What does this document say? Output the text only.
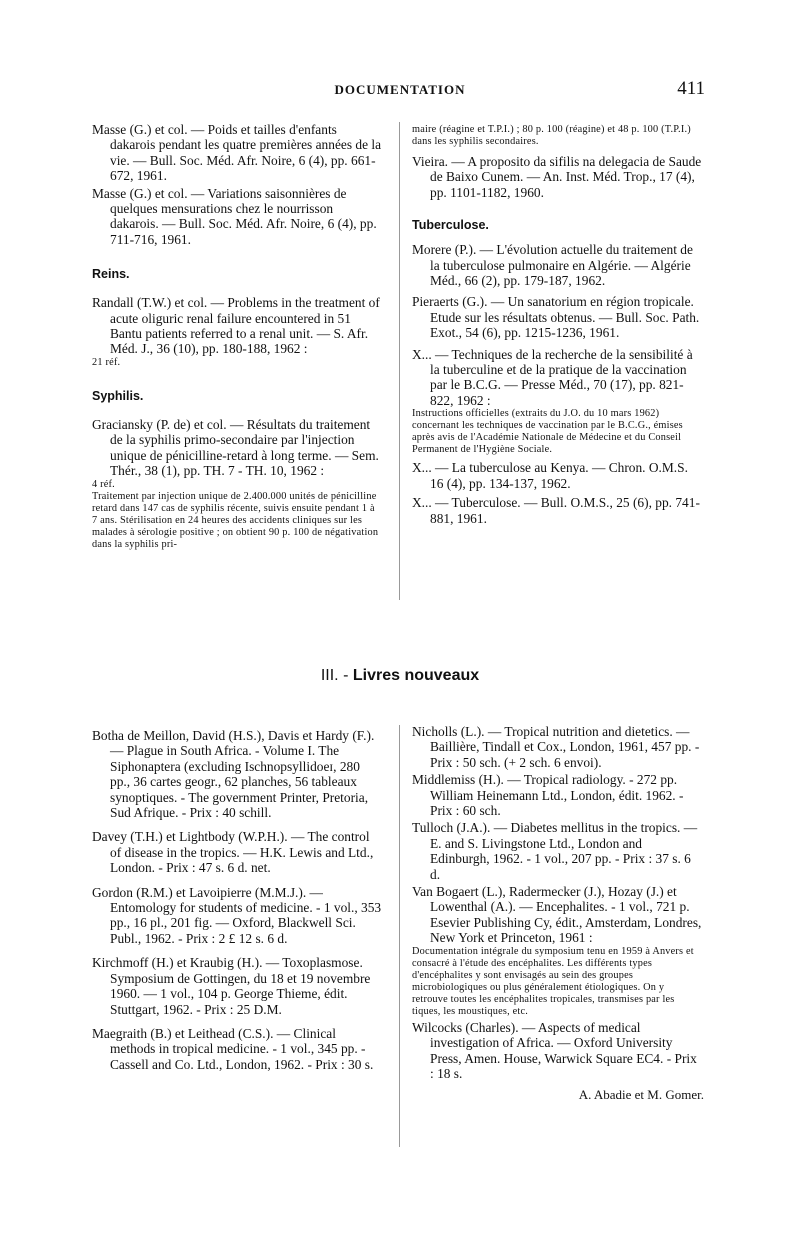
DOCUMENTATION	411

Masse (G.) et col. — Poids et tailles d'enfants dakarois pendant les quatre premières années de la vie. — Bull. Soc. Méd. Afr. Noire, 6 (4), pp. 661-672, 1961.

Masse (G.) et col. — Variations saisonnières de quelques mensurations chez le nourrisson dakarois. — Bull. Soc. Méd. Afr. Noire, 6 (4), pp. 711-716, 1961.

Reins.

Randall (T.W.) et col. — Problems in the treatment of acute oliguric renal failure encountered in 51 Bantu patients referred to a renal unit. — S. Afr. Méd. J., 36 (10), pp. 180-188, 1962 :

21 réf.

Syphilis.

Graciansky (P. de) et col. — Résultats du traitement de la syphilis primo-secondaire par l'injection unique de pénicilline-retard à long terme. — Sem. Thér., 38 (1), pp. TH. 7 - TH. 10, 1962 :

4 réf.

Traitement par injection unique de 2.400.000 unités de pénicilline retard dans 147 cas de syphilis récente, suivis ensuite pendant 1 à 7 ans. Stérilisation en 24 heures des accidents cliniques sur les malades à sérologie positive ; on obtient 90 p. 100 de négativation dans la syphilis pri-

maire (réagine et T.P.I.) ; 80 p. 100 (réagine) et 48 p. 100 (T.P.I.) dans les syphilis secondaires.

Vieira. — A proposito da sifilis na delegacia de Saude de Baixo Cunem. — An. Inst. Méd. Trop., 17 (4), pp. 1101-1182, 1960.

Tuberculose.

Morere (P.). — L'évolution actuelle du traitement de la tuberculose pulmonaire en Algérie. — Algérie Méd., 66 (2), pp. 179-187, 1962.

Pieraerts (G.). — Un sanatorium en région tropicale. Etude sur les résultats obtenus. — Bull. Soc. Path. Exot., 54 (6), pp. 1215-1236, 1961.

X... — Techniques de la recherche de la sensibilité à la tuberculine et de la pratique de la vaccination par le B.C.G. — Presse Méd., 70 (17), pp. 821-822, 1962 :

Instructions officielles (extraits du J.O. du 10 mars 1962) concernant les techniques de vaccination par le B.C.G., émises après avis de l'Académie Nationale de Médecine et du Conseil Permanent de l'Hygiène Sociale.

X... — La tuberculose au Kenya. — Chron. O.M.S. 16 (4), pp. 134-137, 1962.

X... — Tuberculose. — Bull. O.M.S., 25 (6), pp. 741-881, 1961.

III. - Livres nouveaux

Botha de Meillon, David (H.S.), Davis et Hardy (F.). — Plague in South Africa. - Volume I. The Siphonaptera (excluding Ischnopsyllidoeɪ, 280 pp., 36 cartes geogr., 62 planches, 56 tableaux synoptiques. - The government Printer, Pretoria, Sud Afrique. - Prix : 40 schill.

Davey (T.H.) et Lightbody (W.P.H.). — The control of disease in the tropics. — H.K. Lewis and Ltd., London. - Prix : 47 s. 6 d. net.

Gordon (R.M.) et Lavoipierre (M.M.J.). — Entomology for students of medicine. - 1 vol., 353 pp., 16 pl., 201 fig. — Oxford, Blackwell Sci. Publ., 1962. - Prix : 2 £ 12 s. 6 d.

Kirchmoff (H.) et Kraubig (H.). — Toxoplasmose. Symposium de Gottingen, du 18 et 19 novembre 1960. — 1 vol., 104 p. George Thieme, édit. Stuttgart, 1962. - Prix : 25 D.M.

Maegraith (B.) et Leithead (C.S.). — Clinical methods in tropical medicine. - 1 vol., 345 pp. - Cassell and Co. Ltd., London, 1962. - Prix : 30 s.

Nicholls (L.). — Tropical nutrition and dietetics. — Baillière, Tindall et Cox., London, 1961, 457 pp. - Prix : 50 sch. (+ 2 sch. 6 envoi).

Middlemiss (H.). — Tropical radiology. - 272 pp. William Heinemann Ltd., London, édit. 1962. - Prix : 60 sch.

Tulloch (J.A.). — Diabetes mellitus in the tropics. — E. and S. Livingstone Ltd., London and Edinburgh, 1962. - 1 vol., 207 pp. - Prix : 37 s. 6 d.

Van Bogaert (L.), Radermecker (J.), Hozay (J.) et Lowenthal (A.). — Encephalites. - 1 vol., 721 p. Esevier Publishing Cy, édit., Amsterdam, Londres, New York et Princeton, 1961 :

Documentation intégrale du symposium tenu en 1959 à Anvers et consacré à l'étude des encéphalites. Les différents types d'encéphalites y sont envisagés au sein des groupes microbiologiques ou plus généralement étiologiques. On y retrouve toutes les encéphalites tropicales, transmises par les tiques, les moustiques, etc.

Wilcocks (Charles). — Aspects of medical investigation of Africa. — Oxford University Press, Amen. House, Warwick Square EC4. - Prix : 18 s.

A. Abadie et M. Gomer.
